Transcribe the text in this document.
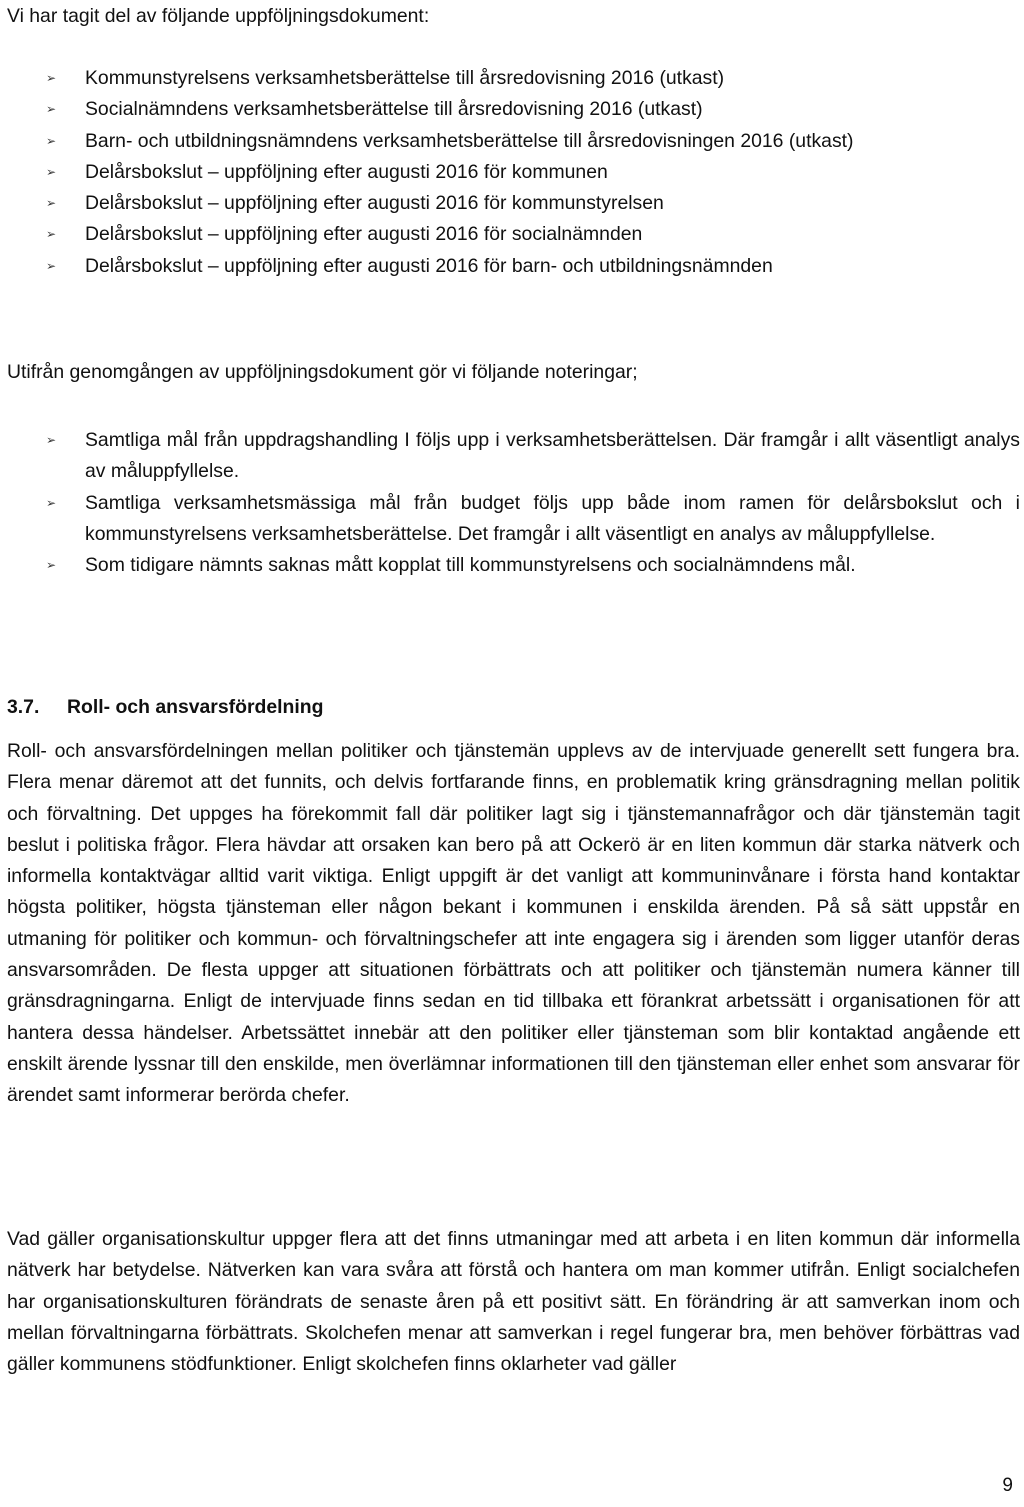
Vi har tagit del av följande uppföljningsdokument:

➢ Kommunstyrelsens verksamhetsberättelse till årsredovisning 2016 (utkast)
➢ Socialnämndens verksamhetsberättelse till årsredovisning 2016 (utkast)
➢ Barn- och utbildningsnämndens verksamhetsberättelse till årsredovisningen 2016 (utkast)
➢ Delårsbokslut – uppföljning efter augusti 2016 för kommunen
➢ Delårsbokslut – uppföljning efter augusti 2016 för kommunstyrelsen
➢ Delårsbokslut – uppföljning efter augusti 2016 för socialnämnden
➢ Delårsbokslut – uppföljning efter augusti 2016 för barn- och utbildningsnämnden

Utifrån genomgången av uppföljningsdokument gör vi följande noteringar;

➢ Samtliga mål från uppdragshandling I följs upp i verksamhetsberättelsen. Där framgår i allt väsentligt analys av måluppfyllelse.
➢ Samtliga verksamhetsmässiga mål från budget följs upp både inom ramen för delårsbokslut och i kommunstyrelsens verksamhetsberättelse. Det framgår i allt väsentligt en analys av måluppfyllelse.
➢ Som tidigare nämnts saknas mått kopplat till kommunstyrelsens och socialnämndens mål.
3.7. Roll- och ansvarsfördelning

Roll- och ansvarsfördelningen mellan politiker och tjänstemän upplevs av de intervjuade generellt sett fungera bra. Flera menar däremot att det funnits, och delvis fortfarande finns, en problematik kring gränsdragning mellan politik och förvaltning. Det uppges ha förekommit fall där politiker lagt sig i tjänstemannafrågor och där tjänstemän tagit beslut i politiska frågor. Flera hävdar att orsaken kan bero på att Ockerö är en liten kommun där starka nätverk och informella kontaktvägar alltid varit viktiga. Enligt uppgift är det vanligt att kommuninvånare i första hand kontaktar högsta politiker, högsta tjänsteman eller någon bekant i kommunen i enskilda ärenden. På så sätt uppstår en utmaning för politiker och kommun- och förvaltningschefer att inte engagera sig i ärenden som ligger utanför deras ansvarsområden. De flesta uppger att situationen förbättrats och att politiker och tjänstemän numera känner till gränsdragningarna. Enligt de intervjuade finns sedan en tid tillbaka ett förankrat arbetssätt i organisationen för att hantera dessa händelser. Arbetssättet innebär att den politiker eller tjänsteman som blir kontaktad angående ett enskilt ärende lyssnar till den enskilde, men överlämnar informationen till den tjänsteman eller enhet som ansvarar för ärendet samt informerar berörda chefer.

Vad gäller organisationskultur uppger flera att det finns utmaningar med att arbeta i en liten kommun där informella nätverk har betydelse. Nätverken kan vara svåra att förstå och hantera om man kommer utifrån. Enligt socialchefen har organisationskulturen förändrats de senaste åren på ett positivt sätt. En förändring är att samverkan inom och mellan förvaltningarna förbättrats. Skolchefen menar att samverkan i regel fungerar bra, men behöver förbättras vad gäller kommunens stödfunktioner. Enligt skolchefen finns oklarheter vad gäller

9
